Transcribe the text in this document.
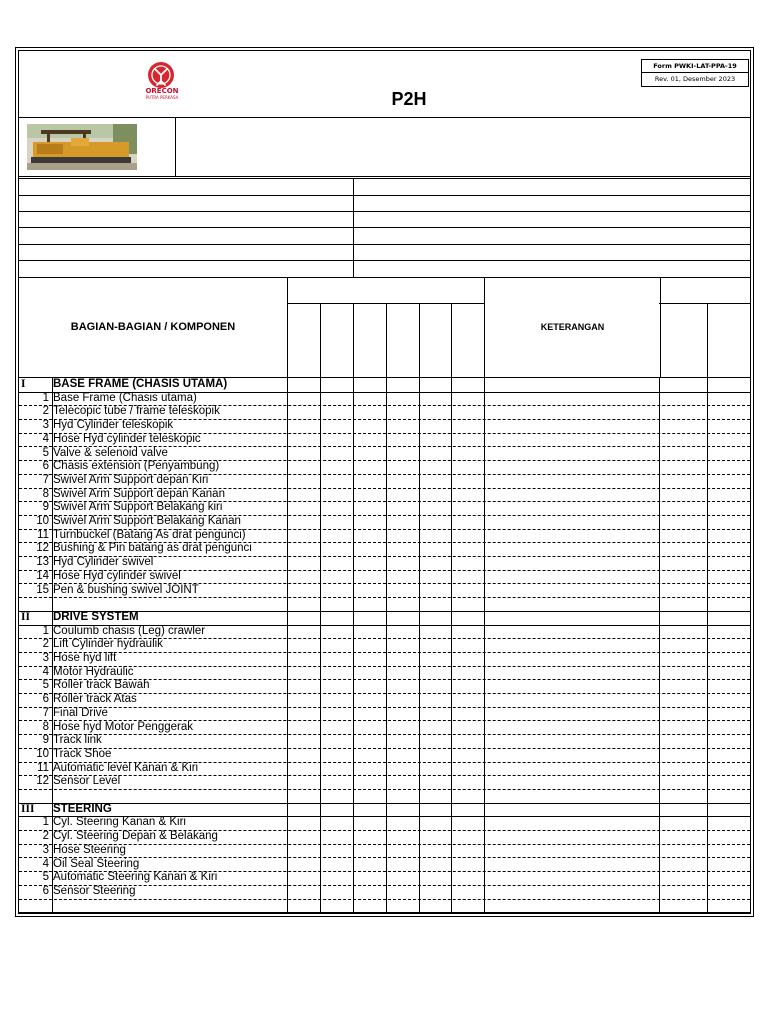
ORECON
PUTRA PERKASA	P2H
Form PWKI-LAT-PPA-19
Rev. 01, Desember 2023
BAGIAN-BAGIAN / KOMPONEN	KETERANGAN
I	BASE FRAME (CHASIS UTAMA)
1 Base Frame (Chasis utama)
2 Telecopic tube / frame teleskopik
3 Hyd Cylinder teleskopik
4 Hose Hyd cylinder teleskopic
5 Valve & selenoid valve
6 Chasis extension (Penyambung)
7 Swivel Arm Support depan Kiri
8 Swivel Arm Support depan Kanan
9 Swivel Arm Support Belakang kiri
10 Swivel Arm Support Belakang Kanan
11 Turnbuckel (Batang As drat pengunci)
12 Bushing & Pin batang as drat pengunci
13 Hyd Cylinder swivel
14 Hose Hyd cylinder swivel
15 Pen & bushing swivel JOINT
II	DRIVE SYSTEM
1 Coulumb chasis (Leg) crawler
2 Lift Cylinder hydraulik
3 Hose hyd lift
4 Motor Hydraulic
5 Roller track Bawah
6 Roller track Atas
7 Final Drive
8 Hose hyd Motor Penggerak
9 Track link
10 Track Shoe
11 Automatic level Kanan & Kiri
12 Sensor Level
III	STEERING
1 Cyl. Steering Kanan & Kiri
2 Cyl. Steering Depan & Belakang
3 Hose Steering
4 Oil Seal Steering
5 Automatic Steering Kanan & Kiri
6 Sensor Steering
